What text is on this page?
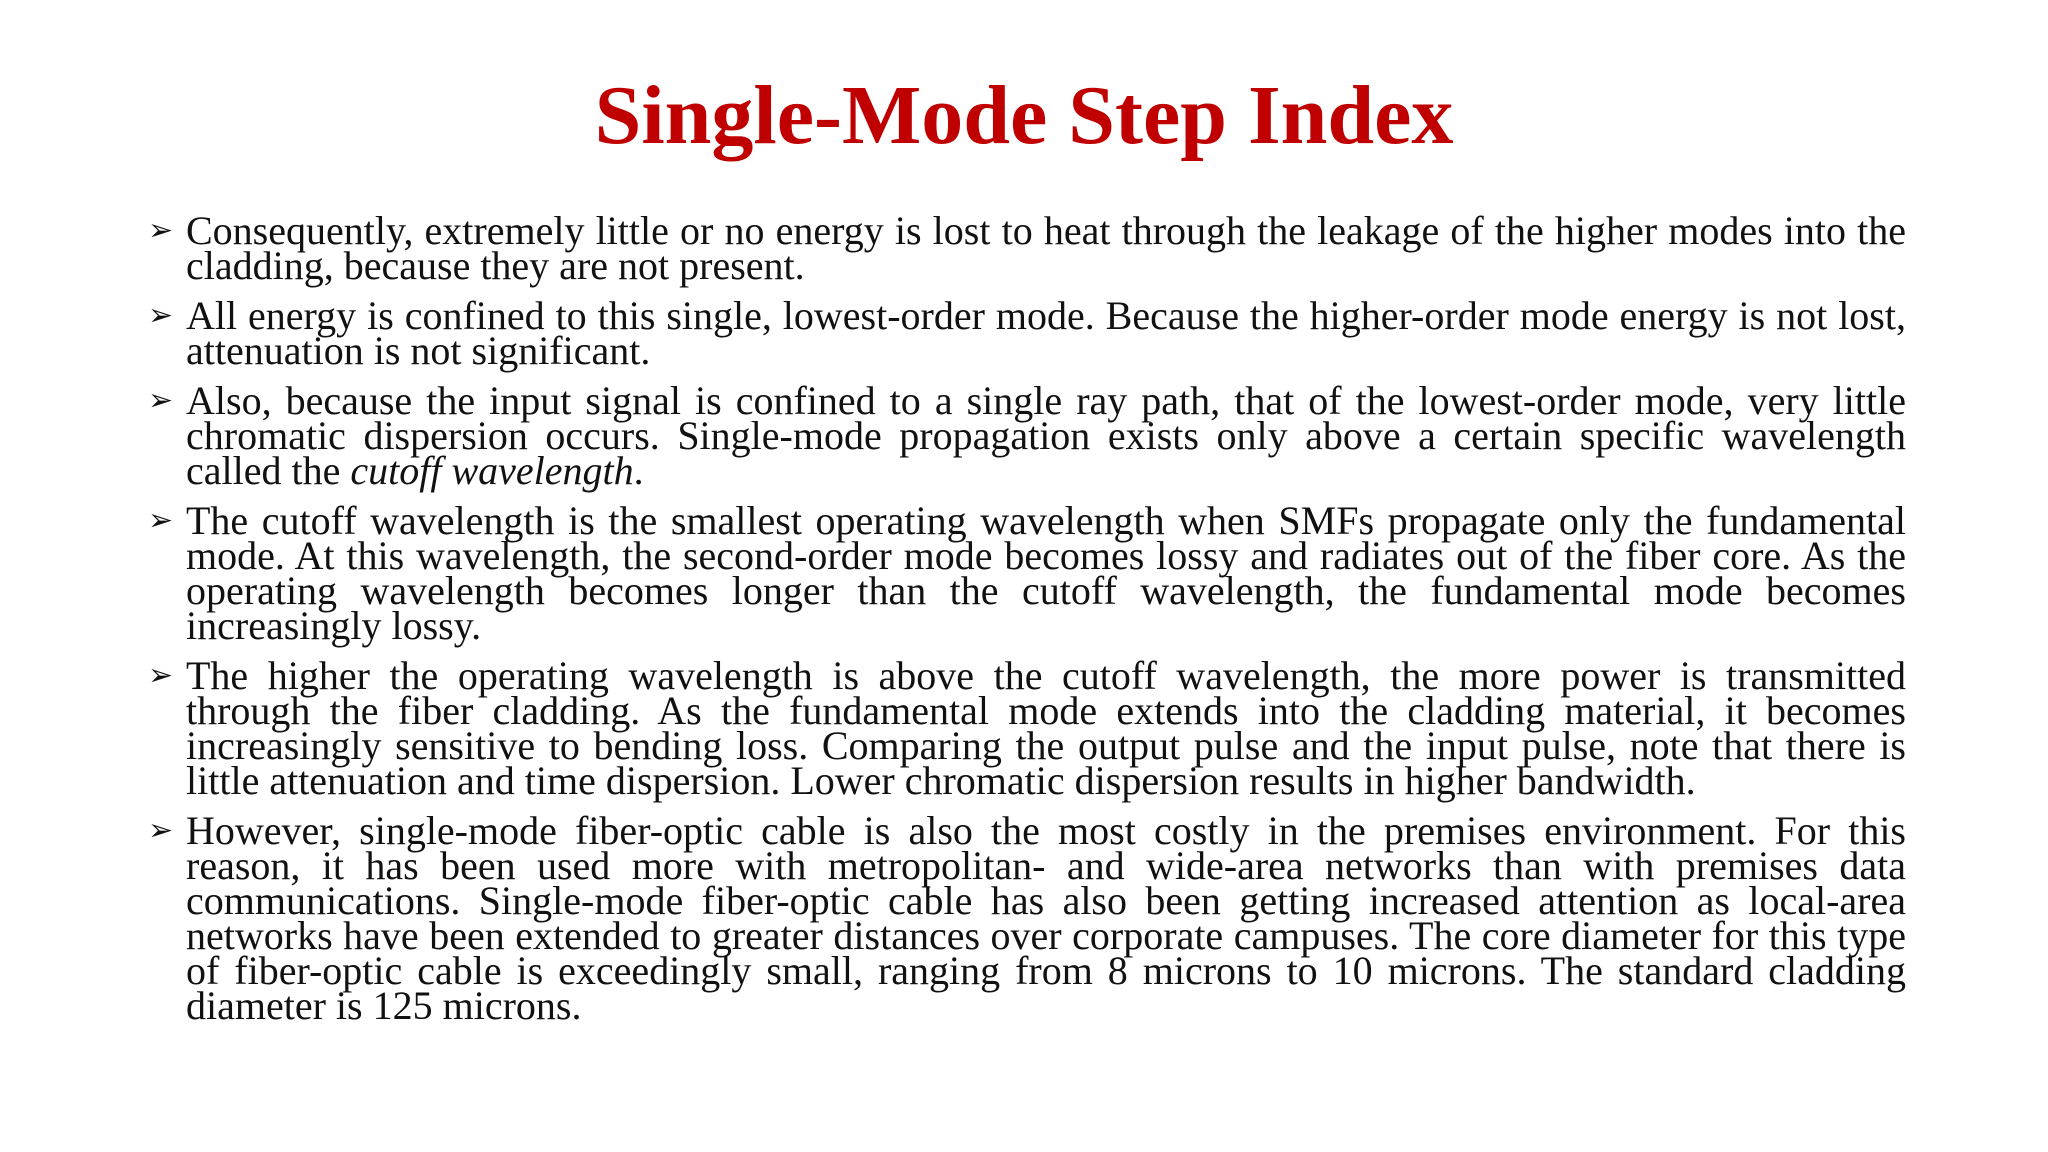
Single-Mode Step Index
➢ Consequently, extremely little or no energy is lost to heat through the leakage of the higher modes into the cladding, because they are not present.
➢ All energy is confined to this single, lowest-order mode. Because the higher-order mode energy is not lost, attenuation is not significant.
➢ Also, because the input signal is confined to a single ray path, that of the lowest-order mode, very little chromatic dispersion occurs. Single-mode propagation exists only above a certain specific wavelength called the cutoff wavelength.
➢ The cutoff wavelength is the smallest operating wavelength when SMFs propagate only the fundamental mode. At this wavelength, the second-order mode becomes lossy and radiates out of the fiber core. As the operating wavelength becomes longer than the cutoff wavelength, the fundamental mode becomes increasingly lossy.
➢ The higher the operating wavelength is above the cutoff wavelength, the more power is transmitted through the fiber cladding. As the fundamental mode extends into the cladding material, it becomes increasingly sensitive to bending loss. Comparing the output pulse and the input pulse, note that there is little attenuation and time dispersion. Lower chromatic dispersion results in higher bandwidth.
➢ However, single-mode fiber-optic cable is also the most costly in the premises environment. For this reason, it has been used more with metropolitan- and wide-area networks than with premises data communications. Single-mode fiber-optic cable has also been getting increased attention as local-area networks have been extended to greater distances over corporate campuses. The core diameter for this type of fiber-optic cable is exceedingly small, ranging from 8 microns to 10 microns. The standard cladding diameter is 125 microns.
